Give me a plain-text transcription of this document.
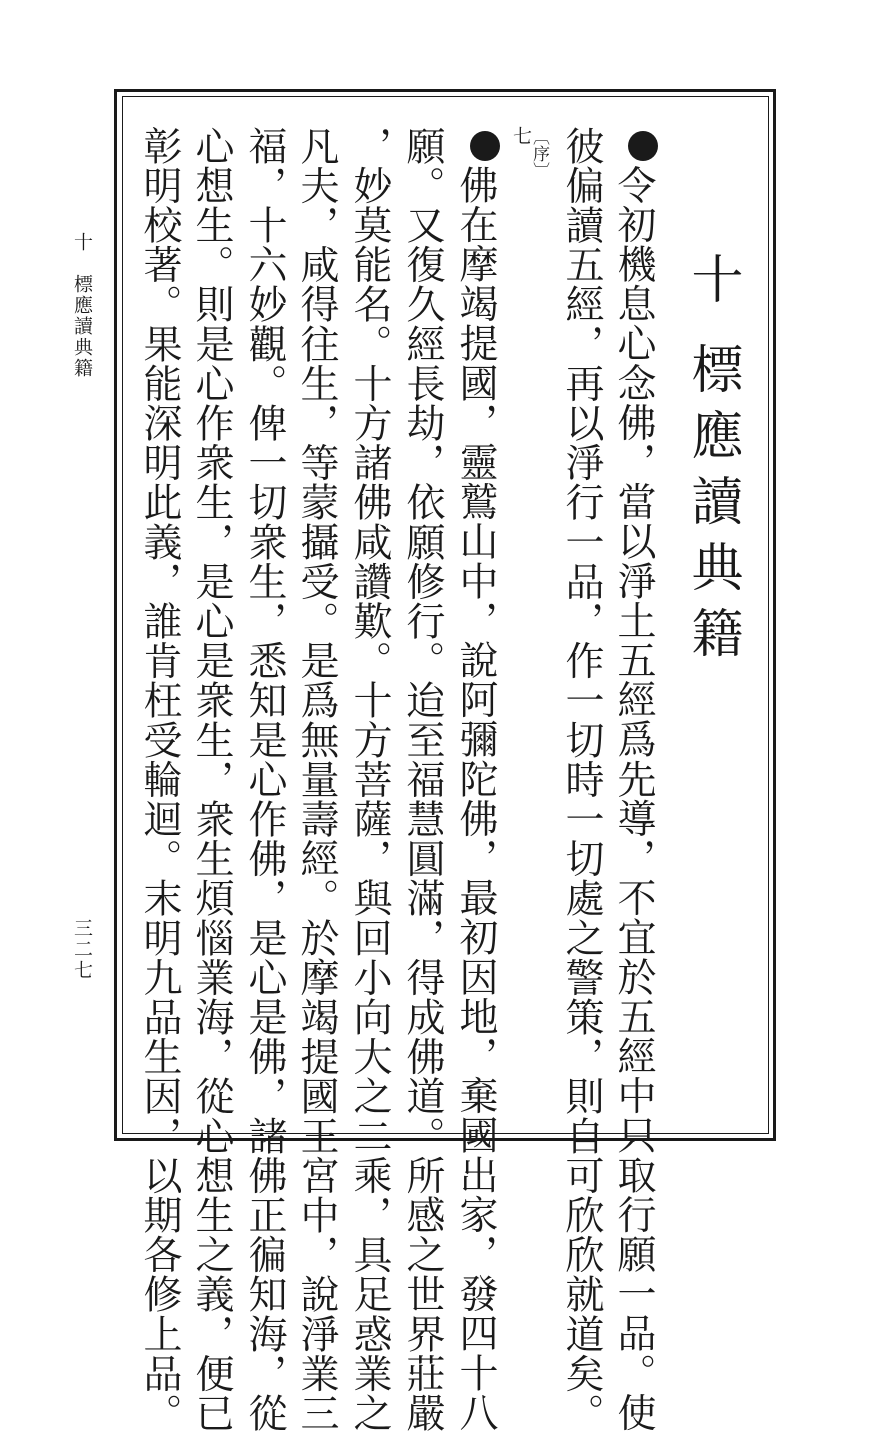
十　標應讀典籍
三二七
十標應讀典籍
令初機息心念佛，當以淨土五經爲先導，不宜於五經中只取行願一品。使
彼偏讀五經，再以淨行一品，作一切時一切處之警策，則自可欣欣就道矣。
〔序〕
七
佛在摩竭提國，靈鷲山中，說阿彌陀佛，最初因地，棄國出家，發四十八
願。又復久經長劫，依願修行。迨至福慧圓滿，得成佛道。所感之世界莊嚴
，妙莫能名。十方諸佛咸讚歎。十方菩薩，與回小向大之二乘，具足惑業之
凡夫，咸得往生，等蒙攝受。是爲無量壽經。於摩竭提國王宮中，說淨業三
福，十六妙觀。俾一切衆生，悉知是心作佛，是心是佛，諸佛正徧知海，從
心想生。則是心作衆生，是心是衆生，衆生煩惱業海，從心想生之義，便已
彰明校著。果能深明此義，誰肯枉受輪迴。末明九品生因，以期各修上品。
